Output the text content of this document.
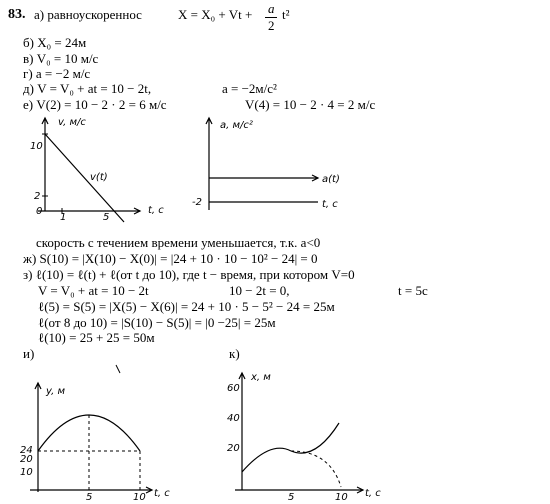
83. а) равноускореннос	X = X₀ + Vt + a
2
t²
б) X₀ = 24м
в) V₀ = 10 м/с
г) a = −2 м/с
д) V = V₀ + at = 10 − 2t,	a = −2м/с²
е) V(2) = 10 − 2 · 2 = 6 м/с	V(4) = 10 − 2 · 4 = 2 м/с
v, м/с
t, c
v(t)
10
2
0
1	5
a, м/с²
a(t)
t, c
-2
скорость с течением времени уменьшается, т.к. a<0
ж) S(10) = |X(10) − X(0)| = |24 + 10 · 10 − 10² − 24| = 0
з) ℓ(10) = ℓ(t) + ℓ(от t до 10), где t − время, при котором V=0
V = V₀ + at = 10 − 2t	10 − 2t = 0,	t = 5c
ℓ(5) = S(5) = |X(5) − X(6)| = 24 + 10 · 5 − 5² − 24 = 25м
ℓ(от 8 до 10) = |S(10) − S(5)| = |0 −25| = 25м
ℓ(10) = 25 + 25 = 50м
и)	к)
y, м
t, c
24
20
10
5	10
x, м
t, c
60
40
20
5	10
